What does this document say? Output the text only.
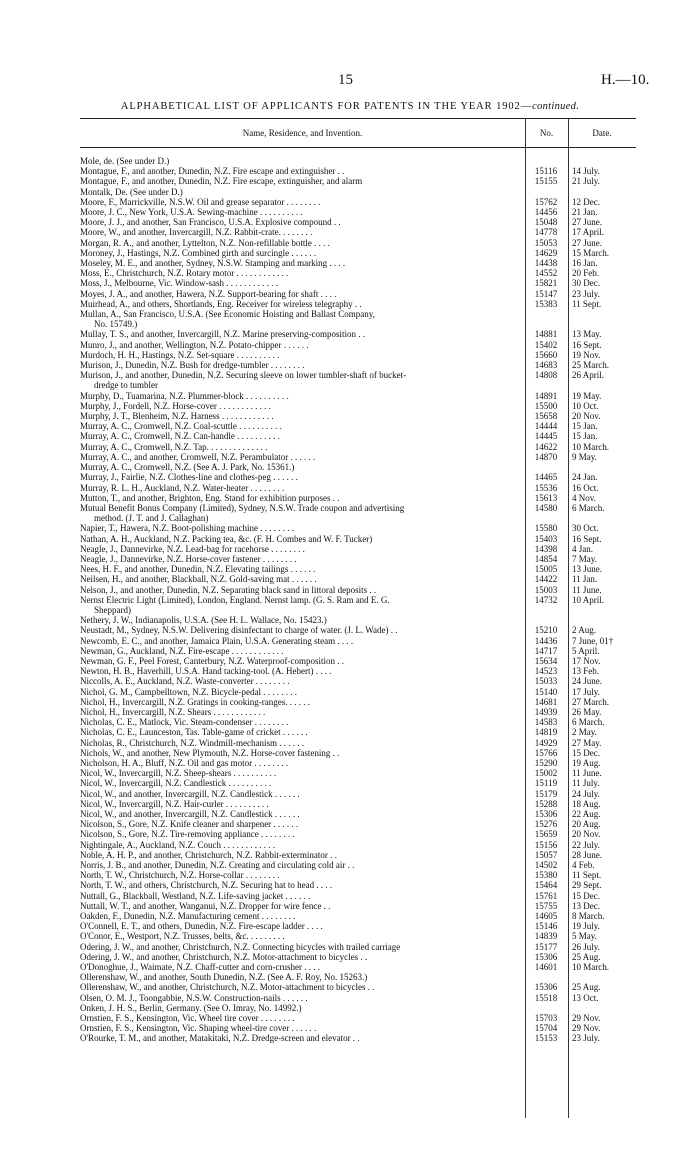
15	H.—10.
ALPHABETICAL LIST OF APPLICANTS FOR PATENTS IN THE YEAR 1902—continued.
Name, Residence, and Invention.	No.	Date.
Mole, de. (See under D.)
Montague, F., and another, Dunedin, N.Z. Fire escape and extinguisher . .	15116	14 July.
Montague, F., and another, Dunedin, N.Z. Fire escape, extinguisher, and alarm	15155	21 July.
Montalk, De. (See under D.)
Moore, F., Marrickville, N.S.W. Oil and grease separator . . . . . . . .	15762	12 Dec.
Moore, J. C., New York, U.S.A. Sewing-machine . . . . . . . . . .	14456	21 Jan.
Moore, J. J., and another, San Francisco, U.S.A. Explosive compound . .	15048	27 June.
Moore, W., and another, Invercargill, N.Z. Rabbit-crate. . . . . . . .	14778	17 April.
Morgan, R. A., and another, Lyttelton, N.Z. Non-refillable bottle . . . .	15053	27 June.
Moroney, J., Hastings, N.Z. Combined girth and surcingle . . . . . .	14629	15 March.
Moseley, M. E., and another, Sydney, N.S.W. Stamping and marking . . . .	14438	16 Jan.
Moss, E., Christchurch, N.Z. Rotary motor . . . . . . . . . . . .	14552	20 Feb.
Moss, J., Melbourne, Vic. Window-sash . . . . . . . . . . . .	15821	30 Dec.
Moyes, J. A., and another, Hawera, N.Z. Support-bearing for shaft . . . .	15147	23 July.
Muirhead, A., and others, Shortlands, Eng. Receiver for wireless telegraphy . .	15383	11 Sept.
Mullan, A., San Francisco, U.S.A. (See Economic Hoisting and Ballast Company,
No. 15749.)
Mullay, T. S., and another, Invercargill, N.Z. Marine preserving-composition . .	14881	13 May.
Munro, J., and another, Wellington, N.Z. Potato-chipper . . . . . .	15402	16 Sept.
Murdoch, H. H., Hastings, N.Z. Set-square . . . . . . . . . .	15660	19 Nov.
Murison, J., Dunedin, N.Z. Bush for dredge-tumbler . . . . . . . .	14683	25 March.
Murison, J., and another, Dunedin, N.Z. Securing sleeve on lower tumbler-shaft of bucket-
dredge to tumbler
14808	26 April.
Murphy, D., Tuamarina, N.Z. Plummer-block . . . . . . . . . .	14891	19 May.
Murphy, J., Fordell, N.Z. Horse-cover . . . . . . . . . . . .	15500	10 Oct.
Murphy, J. T., Blenheim, N.Z. Harness . . . . . . . . . . . .	15658	20 Nov.
Murray, A. C., Cromwell, N.Z. Coal-scuttle . . . . . . . . . .	14444	15 Jan.
Murray, A. C., Cromwell, N.Z. Can-handle . . . . . . . . . .	14445	15 Jan.
Murray, A. C., Cromwell, N.Z. Tap. . . . . . . . . . . . . .	14622	10 March.
Murray, A. C., and another, Cromwell, N.Z. Perambulator . . . . . .	14870	9 May.
Murray, A. C., Cromwell, N.Z. (See A. J. Park, No. 15361.)
Murray, J., Fairlie, N.Z. Clothes-line and clothes-peg . . . . . .	14465	24 Jan.
Murray, R. L. H., Auckland, N.Z. Water-heater . . . . . . . .	15536	16 Oct.
Mutton, T., and another, Brighton, Eng. Stand for exhibition purposes . .	15613	4 Nov.
Mutual Benefit Bonus Company (Limited), Sydney, N.S.W. Trade coupon and advertising
method. (J. T. and J. Callaghan)
14580	6 March.
Napier, T., Hawera, N.Z. Boot-polishing machine . . . . . . . .	15580	30 Oct.
Nathan, A. H., Auckland, N.Z. Packing tea, &c. (F. H. Combes and W. F. Tucker)	15403	16 Sept.
Neagle, J., Dannevirke, N.Z. Lead-bag for racehorse . . . . . . . .	14398	4 Jan.
Neagle, J., Dannevirke, N.Z. Horse-cover fastener . . . . . . . .	14854	7 May.
Nees, H. F., and another, Dunedin, N.Z. Elevating tailings . . . . . .	15005	13 June.
Neilsen, H., and another, Blackball, N.Z. Gold-saving mat . . . . . .	14422	11 Jan.
Nelson, J., and another, Dunedin, N.Z. Separating black sand in littoral deposits . .	15003	11 June.
Nernst Electric Light (Limited), London, England. Nernst lamp. (G. S. Ram and E. G.
Sheppard)
14732	10 April.
Nethery, J. W., Indianapolis, U.S.A. (See H. L. Wallace, No. 15423.)
Neustadt, M., Sydney, N.S.W. Delivering disinfectant to charge of water. (J. L. Wade) . .	15210	2 Aug.
Newcomb, E. C., and another, Jamaica Plain, U.S.A. Generating steam . . . .	14436	7 June, 01†
Newman, G., Auckland, N.Z. Fire-escape . . . . . . . . . . . .	14717	5 April.
Newman, G. F., Peel Forest, Canterbury, N.Z. Waterproof-composition . .	15634	17 Nov.
Newton, H. B., Haverhill, U.S.A. Hand tacking-tool. (A. Hebert) . . . .	14523	13 Feb.
Niccolls, A. E., Auckland, N.Z. Waste-converter . . . . . . . .	15033	24 June.
Nichol, G. M., Campbelltown, N.Z. Bicycle-pedal . . . . . . . .	15140	17 July.
Nichol, H., Invercargill, N.Z. Gratings in cooking-ranges. . . . . .	14681	27 March.
Nichol, H., Invercargill, N.Z. Shears . . . . . . . . . . . .	14939	26 May.
Nicholas, C. E., Matlock, Vic. Steam-condenser . . . . . . . .	14583	6 March.
Nicholas, C. E., Launceston, Tas. Table-game of cricket . . . . . .	14819	2 May.
Nicholas, R., Christchurch, N.Z. Windmill-mechanism . . . . . .	14929	27 May.
Nichols, W., and another, New Plymouth, N.Z. Horse-cover fastening . .	15766	15 Dec.
Nicholson, H. A., Bluff, N.Z. Oil and gas motor . . . . . . . .	15290	19 Aug.
Nicol, W., Invercargill, N.Z. Sheep-shears . . . . . . . . . .	15002	11 June.
Nicol, W., Invercargill, N.Z. Candlestick . . . . . . . . . .	15119	11 July.
Nicol, W., and another, Invercargill, N.Z. Candlestick . . . . . .	15179	24 July.
Nicol, W., Invercargill, N.Z. Hair-curler . . . . . . . . . .	15288	18 Aug.
Nicol, W., and another, Invercargill, N.Z. Candlestick . . . . . .	15306	22 Aug.
Nicolson, S., Gore, N.Z. Knife cleaner and sharpener . . . . . .	15276	20 Aug.
Nicolson, S., Gore, N.Z. Tire-removing appliance . . . . . . . .	15659	20 Nov.
Nightingale, A., Auckland, N.Z. Couch . . . . . . . . . . . .	15156	22 July.
Noble, A. H. P., and another, Christchurch, N.Z. Rabbit-exterminator . .	15057	28 June.
Norris, J. B., and another, Dunedin, N.Z. Creating and circulating cold air . .	14502	4 Feb.
North, T. W., Christchurch, N.Z. Horse-collar . . . . . . . .	15380	11 Sept.
North, T. W., and others, Christchurch, N.Z. Securing hat to head . . . .	15464	29 Sept.
Nuttall, G., Blackball, Westland, N.Z. Life-saving jacket . . . . . .	15761	15 Dec.
Nuttall, W. T., and another, Wanganui, N.Z. Dropper for wire fence . .	15755	13 Dec.
Oakden, F., Dunedin, N.Z. Manufacturing cement . . . . . . . .	14605	8 March.
O'Connell, E. T., and others, Dunedin, N.Z. Fire-escape ladder . . . .	15146	19 July.
O'Conor, E., Westport, N.Z. Trusses, belts, &c. . . . . . . . .	14839	5 May.
Odering, J. W., and another, Christchurch, N.Z. Connecting bicycles with trailed carriage	15177	26 July.
Odering, J. W., and another, Christchurch, N.Z. Motor-attachment to bicycles . .	15306	25 Aug.
O'Donoghue, J., Waimate, N.Z. Chaff-cutter and corn-crusher . . . .	14601	10 March.
Ollerenshaw, W., and another, South Dunedin, N.Z. (See A. F. Roy, No. 15263.)
Ollerenshaw, W., and another, Christchurch, N.Z. Motor-attachment to bicycles . .	15306	25 Aug.
Olsen, O. M. J., Toongabbie, N.S.W. Construction-nails . . . . . .	15518	13 Oct.
Onken, J. H. S., Berlin, Germany. (See O. Imray, No. 14992.)
Ornstien, F. S., Kensington, Vic. Wheel tire cover . . . . . . . .	15703	29 Nov.
Ornstien, F. S., Kensington, Vic. Shaping wheel-tire cover . . . . . .	15704	29 Nov.
O'Rourke, T. M., and another, Matakitaki, N.Z. Dredge-screen and elevator . .	15153	23 July.
